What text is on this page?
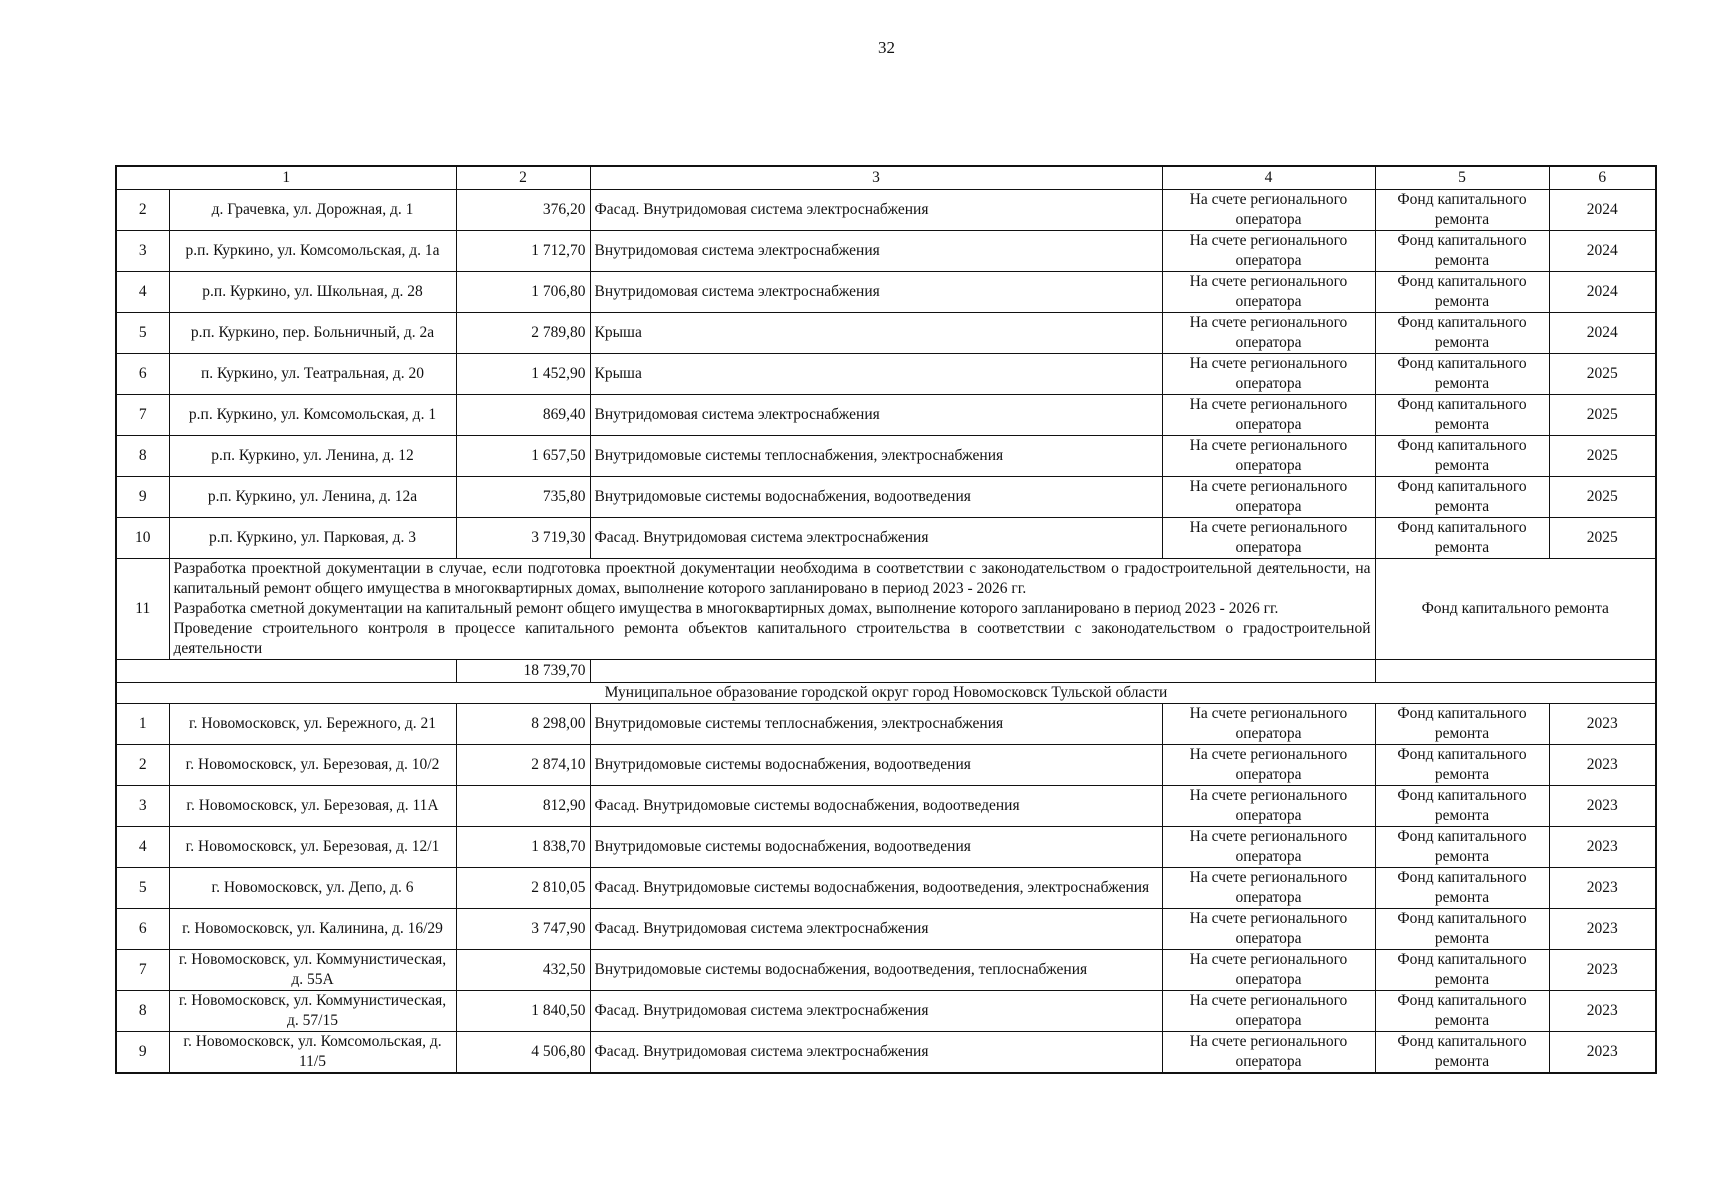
32
1		2	3	4	5	6
2	д. Грачевка, ул. Дорожная, д. 1	376,20	Фасад. Внутридомовая система электроснабжения	На счете регионального оператора	Фонд капитального ремонта	2024
3	р.п. Куркино, ул. Комсомольская, д. 1а	1 712,70	Внутридомовая система электроснабжения	На счете регионального оператора	Фонд капитального ремонта	2024
4	р.п. Куркино, ул. Школьная, д. 28	1 706,80	Внутридомовая система электроснабжения	На счете регионального оператора	Фонд капитального ремонта	2024
5	р.п. Куркино, пер. Больничный, д. 2а	2 789,80	Крыша	На счете регионального оператора	Фонд капитального ремонта	2024
6	п. Куркино, ул. Театральная, д. 20	1 452,90	Крыша	На счете регионального оператора	Фонд капитального ремонта	2025
7	р.п. Куркино, ул. Комсомольская, д. 1	869,40	Внутридомовая система электроснабжения	На счете регионального оператора	Фонд капитального ремонта	2025
8	р.п. Куркино, ул. Ленина, д. 12	1 657,50	Внутридомовые системы теплоснабжения, электроснабжения	На счете регионального оператора	Фонд капитального ремонта	2025
9	р.п. Куркино, ул. Ленина, д. 12а	735,80	Внутридомовые системы водоснабжения, водоотведения	На счете регионального оператора	Фонд капитального ремонта	2025
10	р.п. Куркино, ул. Парковая, д. 3	3 719,30	Фасад. Внутридомовая система электроснабжения	На счете регионального оператора	Фонд капитального ремонта	2025
11	Разработка проектной документации в случае, если подготовка проектной документации необходима в соответствии с законодательством о градостроительной деятельности, на капитальный ремонт общего имущества в многоквартирных домах, выполнение которого запланировано в период 2023 - 2026 гг.
Разработка сметной документации на капитальный ремонт общего имущества в многоквартирных домах, выполнение которого запланировано в период 2023 - 2026 гг.
Проведение строительного контроля в процессе капитального ремонта объектов капитального строительства в соответствии с законодательством о градостроительной деятельности				Фонд капитального ремонта	
		18 739,70				
Муниципальное образование городской округ город Новомосковск Тульской области						
1	г. Новомосковск, ул. Бережного, д. 21	8 298,00	Внутридомовые системы теплоснабжения, электроснабжения	На счете регионального оператора	Фонд капитального ремонта	2023
2	г. Новомосковск, ул. Березовая, д. 10/2	2 874,10	Внутридомовые системы водоснабжения, водоотведения	На счете регионального оператора	Фонд капитального ремонта	2023
3	г. Новомосковск, ул. Березовая, д. 11А	812,90	Фасад. Внутридомовые системы водоснабжения, водоотведения	На счете регионального оператора	Фонд капитального ремонта	2023
4	г. Новомосковск, ул. Березовая, д. 12/1	1 838,70	Внутридомовые системы водоснабжения, водоотведения	На счете регионального оператора	Фонд капитального ремонта	2023
5	г. Новомосковск, ул. Депо, д. 6	2 810,05	Фасад. Внутридомовые системы водоснабжения, водоотведения, электроснабжения	На счете регионального оператора	Фонд капитального ремонта	2023
6	г. Новомосковск, ул. Калинина, д. 16/29	3 747,90	Фасад. Внутридомовая система электроснабжения	На счете регионального оператора	Фонд капитального ремонта	2023
7	г. Новомосковск, ул. Коммунистическая, д. 55А	432,50	Внутридомовые системы водоснабжения, водоотведения, теплоснабжения	На счете регионального оператора	Фонд капитального ремонта	2023
8	г. Новомосковск, ул. Коммунистическая, д. 57/15	1 840,50	Фасад. Внутридомовая система электроснабжения	На счете регионального оператора	Фонд капитального ремонта	2023
9	г. Новомосковск, ул. Комсомольская, д. 11/5	4 506,80	Фасад. Внутридомовая система электроснабжения	На счете регионального оператора	Фонд капитального ремонта	2023
